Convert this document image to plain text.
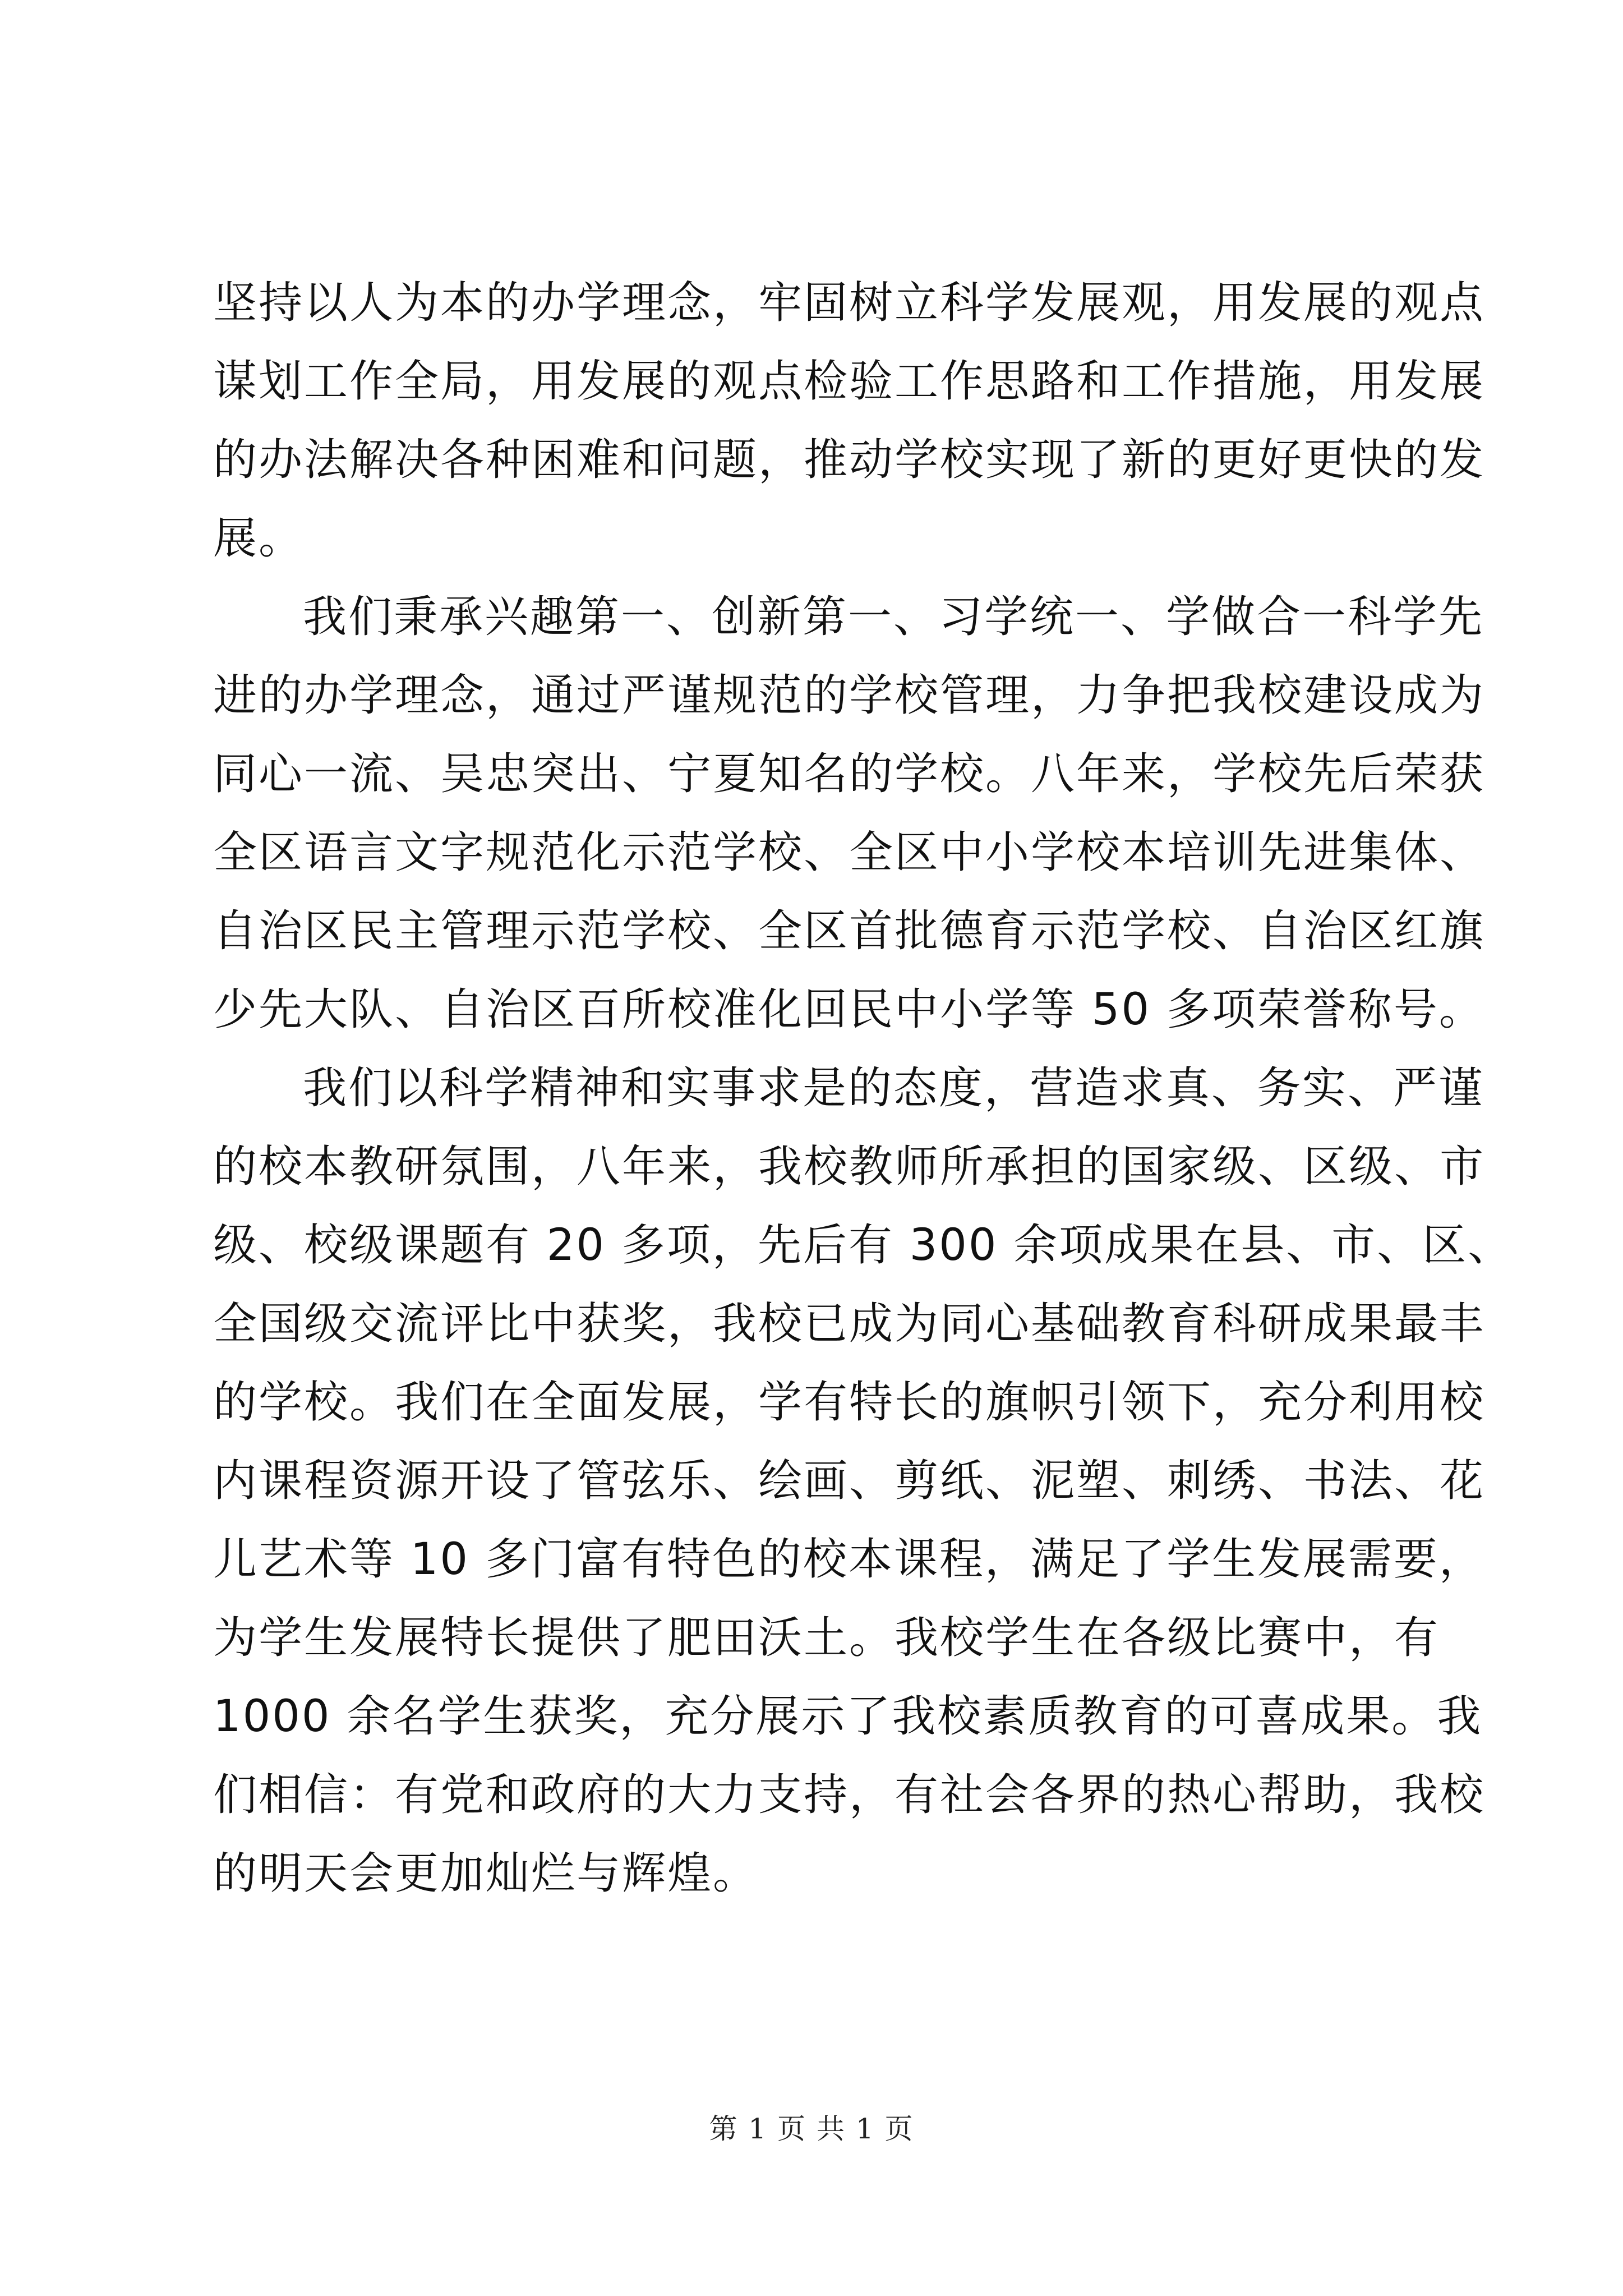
坚持以人为本的办学理念，牢固树立科学发展观，用发展的观点
谋划工作全局，用发展的观点检验工作思路和工作措施，用发展
的办法解决各种困难和问题，推动学校实现了新的更好更快的发
展。
我们秉承兴趣第一、创新第一、习学统一、学做合一科学先
进的办学理念，通过严谨规范的学校管理，力争把我校建设成为
同心一流、吴忠突出、宁夏知名的学校。八年来，学校先后荣获
全区语言文字规范化示范学校、全区中小学校本培训先进集体、
自治区民主管理示范学校、全区首批德育示范学校、自治区红旗
少先大队、自治区百所校准化回民中小学等 50 多项荣誉称号。
我们以科学精神和实事求是的态度，营造求真、务实、严谨
的校本教研氛围，八年来，我校教师所承担的国家级、区级、市
级、校级课题有 20 多项，先后有 300 余项成果在县、市、区、
全国级交流评比中获奖，我校已成为同心基础教育科研成果最丰
的学校。我们在全面发展，学有特长的旗帜引领下，充分利用校
内课程资源开设了管弦乐、绘画、剪纸、泥塑、刺绣、书法、花
儿艺术等 10 多门富有特色的校本课程，满足了学生发展需要，
为学生发展特长提供了肥田沃土。我校学生在各级比赛中，有
1000 余名学生获奖，充分展示了我校素质教育的可喜成果。我
们相信：有党和政府的大力支持，有社会各界的热心帮助，我校
的明天会更加灿烂与辉煌。
第 1 页 共 1 页
